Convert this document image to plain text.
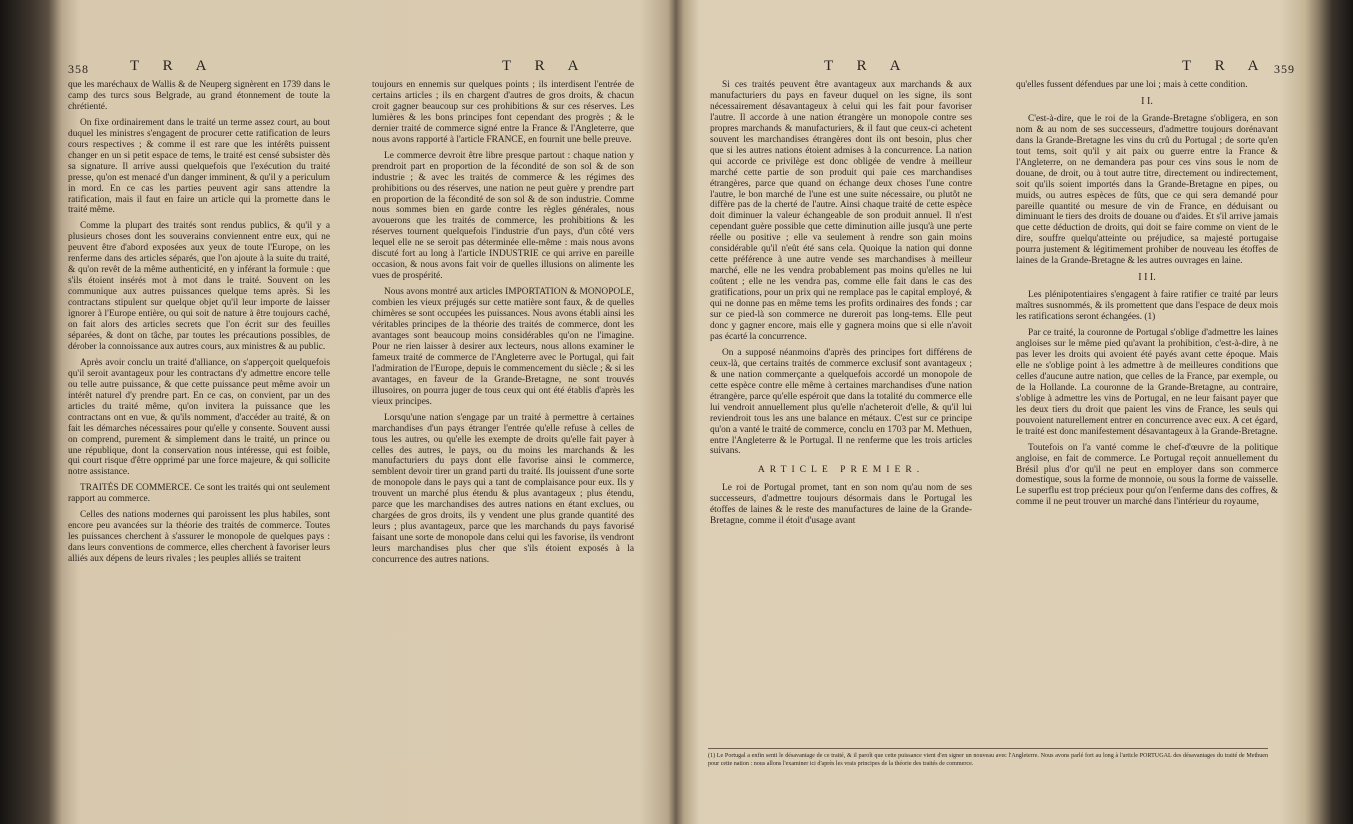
358	T R A	T R A

que les maréchaux de Wallis & de Neuperg signèrent en 1739 dans le camp des turcs sous Belgrade, au grand étonnement de toute la chrétienté.

On fixe ordinairement dans le traité un terme assez court, au bout duquel les ministres s'engagent de procurer cette ratification de leurs cours respectives ; & comme il est rare que les intérêts puissent changer en un si petit espace de tems, le traité est censé subsister dès sa signature. Il arrive aussi quelquefois que l'exécution du traité presse, qu'on est menacé d'un danger imminent, & qu'il y a periculum in mord. En ce cas les parties peuvent agir sans attendre la ratification, mais il faut en faire un article qui la promette dans le traité même.

Comme la plupart des traités sont rendus publics, & qu'il y a plusieurs choses dont les souverains conviennent entre eux, qui ne peuvent être d'abord exposées aux yeux de toute l'Europe, on les renferme dans des articles séparés, que l'on ajoute à la suite du traité, & qu'on revêt de la même authenticité, en y inférant la formule : que s'ils étoient insérés mot à mot dans le traité. Souvent on les communique aux autres puissances quelque tems après. Si les contractans stipulent sur quelque objet qu'il leur importe de laisser ignorer à l'Europe entière, ou qui soit de nature à être toujours caché, on fait alors des articles secrets que l'on écrit sur des feuilles séparées, & dont on tâche, par toutes les précautions possibles, de dérober la connoissance aux autres cours, aux ministres & au public.

Après avoir conclu un traité d'alliance, on s'apperçoit quelquefois qu'il seroit avantageux pour les contractans d'y admettre encore telle ou telle autre puissance, & que cette puissance peut même avoir un intérêt naturel d'y prendre part. En ce cas, on convient, par un des articles du traité même, qu'on invitera la puissance que les contractans ont en vue, & qu'ils nomment, d'accéder au traité, & on fait les démarches nécessaires pour qu'elle y consente. Souvent aussi on comprend, purement & simplement dans le traité, un prince ou une république, dont la conservation nous intéresse, qui est foible, qui court risque d'être opprimé par une force majeure, & qui sollicite notre assistance.

TRAITÉS DE COMMERCE. Ce sont les traités qui ont seulement rapport au commerce.

Celles des nations modernes qui paroissent les plus habiles, sont encore peu avancées sur la théorie des traités de commerce. Toutes les puissances cherchent à s'assurer le monopole de quelques pays : dans leurs conventions de commerce, elles cherchent à favoriser leurs alliés aux dépens de leurs rivales ; les peuples alliés se traitent

toujours en ennemis sur quelques points ; ils interdisent l'entrée de certains articles ; ils en chargent d'autres de gros droits, & chacun croit gagner beaucoup sur ces prohibitions & sur ces réserves. Les lumières & les bons principes font cependant des progrès ; & le dernier traité de commerce signé entre la France & l'Angleterre, que nous avons rapporté à l'article FRANCE, en fournit une belle preuve.

Le commerce devroit être libre presque partout : chaque nation y prendroit part en proportion de la fécondité de son sol & de son industrie ; & avec les traités de commerce & les régimes des prohibitions ou des réserves, une nation ne peut guère y prendre part en proportion de la fécondité de son sol & de son industrie. Comme nous sommes bien en garde contre les règles générales, nous avouerons que les traités de commerce, les prohibitions & les réserves tournent quelquefois l'industrie d'un pays, d'un côté vers lequel elle ne se seroit pas déterminée elle-même : mais nous avons discuté fort au long à l'article INDUSTRIE ce qui arrive en pareille occasion, & nous avons fait voir de quelles illusions on alimente les vues de prospérité.

Nous avons montré aux articles IMPORTATION & MONOPOLE, combien les vieux préjugés sur cette matière sont faux, & de quelles chimères se sont occupées les puissances. Nous avons établi ainsi les véritables principes de la théorie des traités de commerce, dont les avantages sont beaucoup moins considérables qu'on ne l'imagine. Pour ne rien laisser à desirer aux lecteurs, nous allons examiner le fameux traité de commerce de l'Angleterre avec le Portugal, qui fait l'admiration de l'Europe, depuis le commencement du siècle ; & si les avantages, en faveur de la Grande-Bretagne, ne sont trouvés illusoires, on pourra juger de tous ceux qui ont été établis d'après les vieux principes.

Lorsqu'une nation s'engage par un traité à permettre à certaines marchandises d'un pays étranger l'entrée qu'elle refuse à celles de tous les autres, ou qu'elle les exempte de droits qu'elle fait payer à celles des autres, le pays, ou du moins les marchands & les manufacturiers du pays dont elle favorise ainsi le commerce, semblent devoir tirer un grand parti du traité. Ils jouissent d'une sorte de monopole dans le pays qui a tant de complaisance pour eux. Ils y trouvent un marché plus étendu & plus avantageux ; plus étendu, parce que les marchandises des autres nations en étant exclues, ou chargées de gros droits, ils y vendent une plus grande quantité des leurs ; plus avantageux, parce que les marchands du pays favorisé faisant une sorte de monopole dans celui qui les favorise, ils vendront leurs marchandises plus cher que s'ils étoient exposés à la concurrence des autres nations.

T R A	T R A 359

Si ces traités peuvent être avantageux aux marchands & aux manufacturiers du pays en faveur duquel on les signe, ils sont nécessairement désavantageux à celui qui les fait pour favoriser l'autre. Il accorde à une nation étrangère un monopole contre ses propres marchands & manufacturiers, & il faut que ceux-ci achetent souvent les marchandises étrangères dont ils ont besoin, plus cher que si les autres nations étoient admises à la concurrence. La nation qui accorde ce privilège est donc obligée de vendre à meilleur marché cette partie de son produit qui paie ces marchandises étrangères, parce que quand on échange deux choses l'une contre l'autre, le bon marché de l'une est une suite nécessaire, ou plutôt ne diffère pas de la cherté de l'autre. Ainsi chaque traité de cette espèce doit diminuer la valeur échangeable de son produit annuel. Il n'est cependant guère possible que cette diminution aille jusqu'à une perte réelle ou positive ; elle va seulement à rendre son gain moins considérable qu'il n'eût été sans cela. Quoique la nation qui donne cette préférence à une autre vende ses marchandises à meilleur marché, elle ne les vendra probablement pas moins qu'elles ne lui coûtent ; elle ne les vendra pas, comme elle fait dans le cas des gratifications, pour un prix qui ne remplace pas le capital employé, & qui ne donne pas en même tems les profits ordinaires des fonds ; car sur ce pied-là son commerce ne dureroit pas long-tems. Elle peut donc y gagner encore, mais elle y gagnera moins que si elle n'avoit pas écarté la concurrence.

On a supposé néanmoins d'après des principes fort différens de ceux-là, que certains traités de commerce exclusif sont avantageux ; & une nation commerçante a quelquefois accordé un monopole de cette espèce contre elle même à certaines marchandises d'une nation étrangère, parce qu'elle espéroit que dans la totalité du commerce elle lui vendroit annuellement plus qu'elle n'acheteroit d'elle, & qu'il lui reviendroit tous les ans une balance en métaux. C'est sur ce principe qu'on a vanté le traité de commerce, conclu en 1703 par M. Methuen, entre l'Angleterre & le Portugal. Il ne renferme que les trois articles suivans.

ARTICLE PREMIER.

Le roi de Portugal promet, tant en son nom qu'au nom de ses successeurs, d'admettre toujours désormais dans le Portugal les étoffes de laines & le reste des manufactures de laine de la Grande-Bretagne, comme il étoit d'usage avant

qu'elles fussent défendues par une loi ; mais à cette condition.

I I.

C'est-à-dire, que le roi de la Grande-Bretagne s'obligera, en son nom & au nom de ses successeurs, d'admettre toujours dorénavant dans la Grande-Bretagne les vins du crû du Portugal ; de sorte qu'en tout tems, soit qu'il y ait paix ou guerre entre la France & l'Angleterre, on ne demandera pas pour ces vins sous le nom de douane, de droit, ou à tout autre titre, directement ou indirectement, soit qu'ils soient importés dans la Grande-Bretagne en pipes, ou muids, ou autres espèces de fûts, que ce qui sera demandé pour pareille quantité ou mesure de vin de France, en déduisant ou diminuant le tiers des droits de douane ou d'aides. Et s'il arrive jamais que cette déduction de droits, qui doit se faire comme on vient de le dire, souffre quelqu'atteinte ou préjudice, sa majesté portugaise pourra justement & légitimement prohiber de nouveau les étoffes de laines de la Grande-Bretagne & les autres ouvrages en laine.

I I I.

Les plénipotentiaires s'engagent à faire ratifier ce traité par leurs maîtres susnommés, & ils promettent que dans l'espace de deux mois les ratifications seront échangées. (1)

Par ce traité, la couronne de Portugal s'oblige d'admettre les laines angloises sur le même pied qu'avant la prohibition, c'est-à-dire, à ne pas lever les droits qui avoient été payés avant cette époque. Mais elle ne s'oblige point à les admettre à de meilleures conditions que celles d'aucune autre nation, que celles de la France, par exemple, ou de la Hollande. La couronne de la Grande-Bretagne, au contraire, s'oblige à admettre les vins de Portugal, en ne leur faisant payer que les deux tiers du droit que paient les vins de France, les seuls qui pouvoient naturellement entrer en concurrence avec eux. A cet égard, le traité est donc manifestement désavantageux à la Grande-Bretagne.

Toutefois on l'a vanté comme le chef-d'œuvre de la politique angloise, en fait de commerce. Le Portugal reçoit annuellement du Brésil plus d'or qu'il ne peut en employer dans son commerce domestique, sous la forme de monnoie, ou sous la forme de vaisselle. Le superflu est trop précieux pour qu'on l'enferme dans des coffres, & comme il ne peut trouver un marché dans l'intérieur du royaume,

(1) Le Portugal a enfin senti le désavantage de ce traité, & il paroît que cette puissance vient d'en signer un nouveau avec l'Angleterre. Nous avons parlé fort au long à l'article PORTUGAL des désavantages du traité de Methuen pour cette nation : nous allons l'examiner ici d'après les vrais principes de la théorie des traités de commerce.
